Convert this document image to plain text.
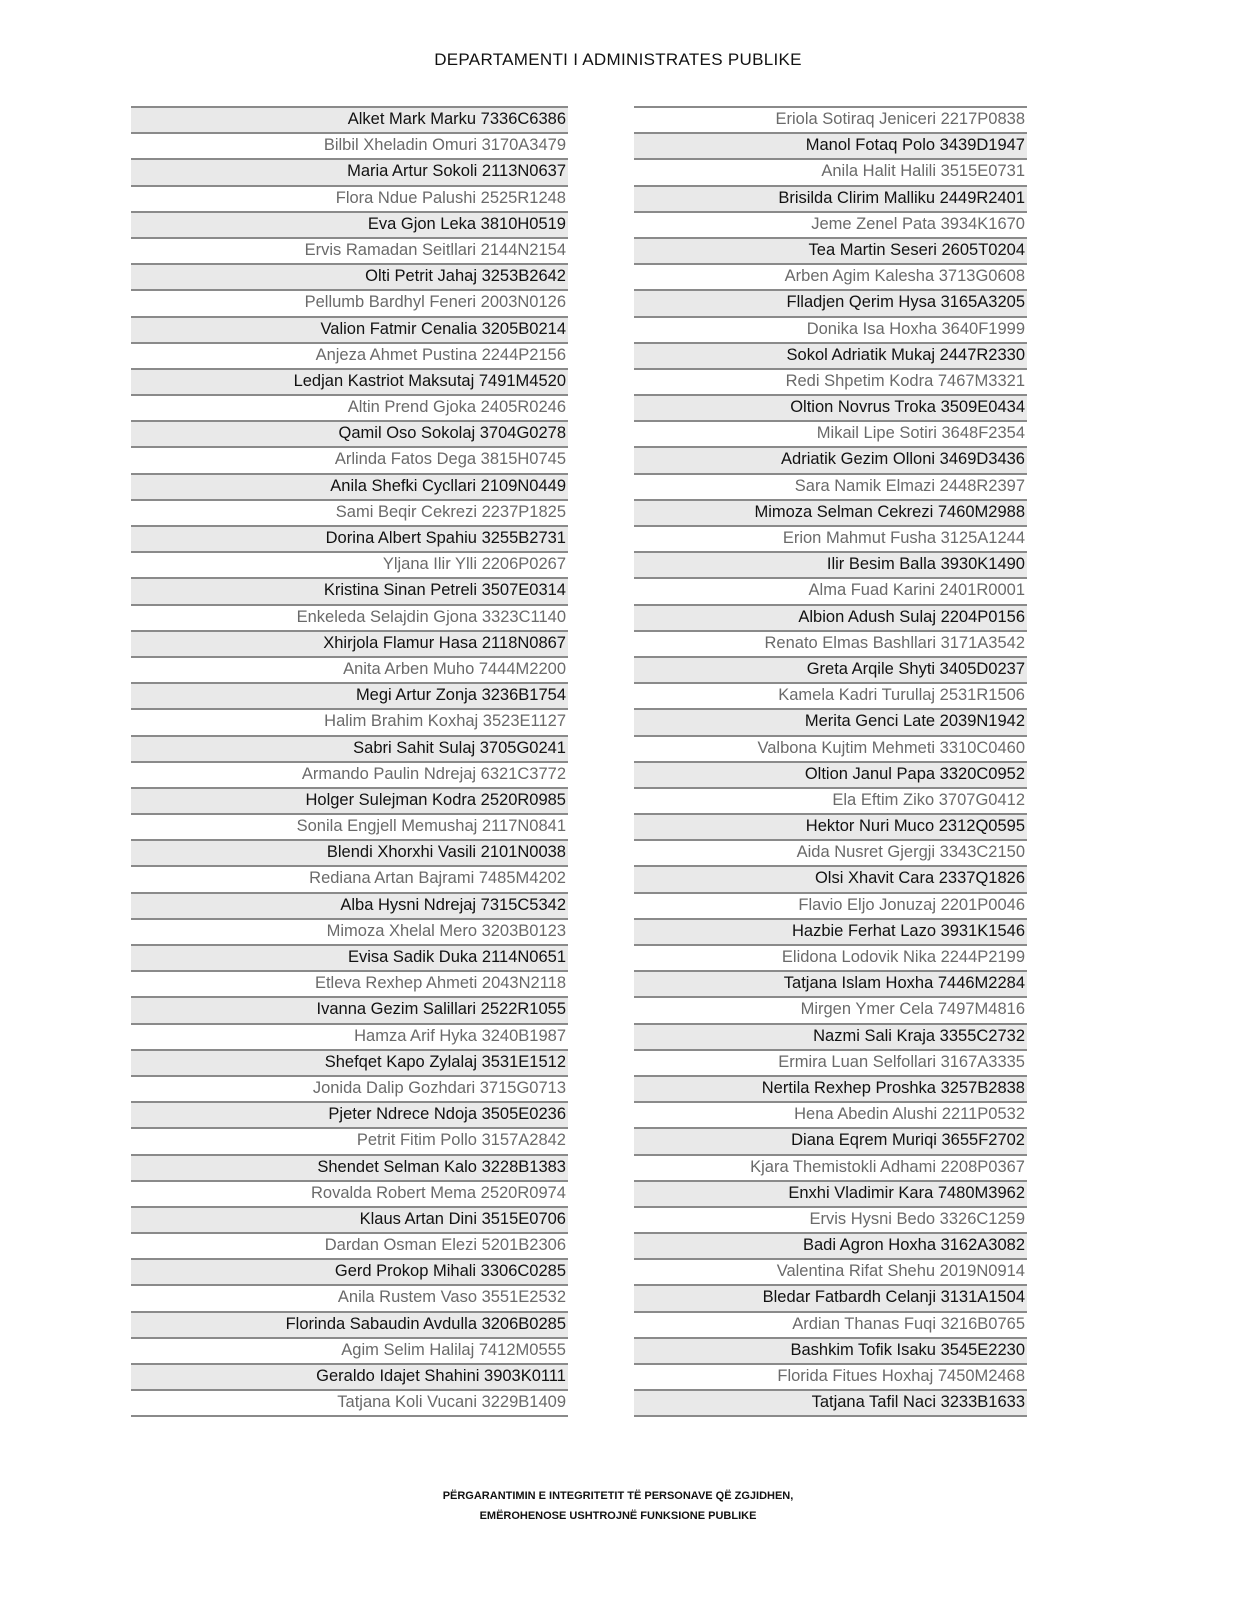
DEPARTAMENTI I ADMINISTRATES PUBLIKE
Alket Mark Marku 7336C6386
Bilbil Xheladin Omuri 3170A3479
Maria Artur Sokoli 2113N0637
Flora Ndue Palushi 2525R1248
Eva Gjon Leka 3810H0519
Ervis Ramadan Seitllari 2144N2154
Olti Petrit Jahaj 3253B2642
Pellumb Bardhyl Feneri 2003N0126
Valion Fatmir Cenalia 3205B0214
Anjeza Ahmet Pustina 2244P2156
Ledjan Kastriot Maksutaj 7491M4520
Altin Prend Gjoka 2405R0246
Qamil Oso Sokolaj 3704G0278
Arlinda Fatos Dega 3815H0745
Anila Shefki Cycllari 2109N0449
Sami Beqir Cekrezi 2237P1825
Dorina Albert Spahiu 3255B2731
Yljana Ilir Ylli 2206P0267
Kristina Sinan Petreli 3507E0314
Enkeleda Selajdin Gjona 3323C1140
Xhirjola Flamur Hasa 2118N0867
Anita Arben Muho 7444M2200
Megi Artur Zonja 3236B1754
Halim Brahim Koxhaj 3523E1127
Sabri Sahit Sulaj 3705G0241
Armando Paulin Ndrejaj 6321C3772
Holger Sulejman Kodra 2520R0985
Sonila Engjell Memushaj 2117N0841
Blendi Xhorxhi Vasili 2101N0038
Rediana Artan Bajrami 7485M4202
Alba Hysni Ndrejaj 7315C5342
Mimoza Xhelal Mero 3203B0123
Evisa Sadik Duka 2114N0651
Etleva Rexhep Ahmeti 2043N2118
Ivanna Gezim Salillari 2522R1055
Hamza Arif Hyka 3240B1987
Shefqet Kapo Zylalaj 3531E1512
Jonida Dalip Gozhdari 3715G0713
Pjeter Ndrece Ndoja 3505E0236
Petrit Fitim Pollo 3157A2842
Shendet Selman Kalo 3228B1383
Rovalda Robert Mema 2520R0974
Klaus Artan Dini 3515E0706
Dardan Osman Elezi 5201B2306
Gerd Prokop Mihali 3306C0285
Anila Rustem Vaso 3551E2532
Florinda Sabaudin Avdulla 3206B0285
Agim Selim Halilaj 7412M0555
Geraldo Idajet Shahini 3903K0111
Tatjana Koli Vucani 3229B1409
Eriola Sotiraq Jeniceri 2217P0838
Manol Fotaq Polo 3439D1947
Anila Halit Halili 3515E0731
Brisilda Clirim Malliku 2449R2401
Jeme Zenel Pata 3934K1670
Tea Martin Seseri 2605T0204
Arben Agim Kalesha 3713G0608
Flladjen Qerim Hysa 3165A3205
Donika Isa Hoxha 3640F1999
Sokol Adriatik Mukaj 2447R2330
Redi Shpetim Kodra 7467M3321
Oltion Novrus Troka 3509E0434
Mikail Lipe Sotiri 3648F2354
Adriatik Gezim Olloni 3469D3436
Sara Namik Elmazi 2448R2397
Mimoza Selman Cekrezi 7460M2988
Erion Mahmut Fusha 3125A1244
Ilir Besim Balla 3930K1490
Alma Fuad Karini 2401R0001
Albion Adush Sulaj 2204P0156
Renato Elmas Bashllari 3171A3542
Greta Arqile Shyti 3405D0237
Kamela Kadri Turullaj 2531R1506
Merita Genci Late 2039N1942
Valbona Kujtim Mehmeti 3310C0460
Oltion Janul Papa 3320C0952
Ela Eftim Ziko 3707G0412
Hektor Nuri Muco 2312Q0595
Aida Nusret Gjergji 3343C2150
Olsi Xhavit Cara 2337Q1826
Flavio Eljo Jonuzaj 2201P0046
Hazbie Ferhat Lazo 3931K1546
Elidona Lodovik Nika 2244P2199
Tatjana Islam Hoxha 7446M2284
Mirgen Ymer Cela 7497M4816
Nazmi Sali Kraja 3355C2732
Ermira Luan Selfollari 3167A3335
Nertila Rexhep Proshka 3257B2838
Hena Abedin Alushi 2211P0532
Diana Eqrem Muriqi 3655F2702
Kjara Themistokli Adhami 2208P0367
Enxhi Vladimir Kara 7480M3962
Ervis Hysni Bedo 3326C1259
Badi Agron Hoxha 3162A3082
Valentina Rifat Shehu 2019N0914
Bledar Fatbardh Celanji 3131A1504
Ardian Thanas Fuqi 3216B0765
Bashkim Tofik Isaku 3545E2230
Florida Fitues Hoxhaj 7450M2468
Tatjana Tafil Naci 3233B1633
PËRGARANTIMIN E INTEGRITETIT TË PERSONAVE QË ZGJIDHEN,
EMËROHENOSE USHTROJNË FUNKSIONE PUBLIKE
